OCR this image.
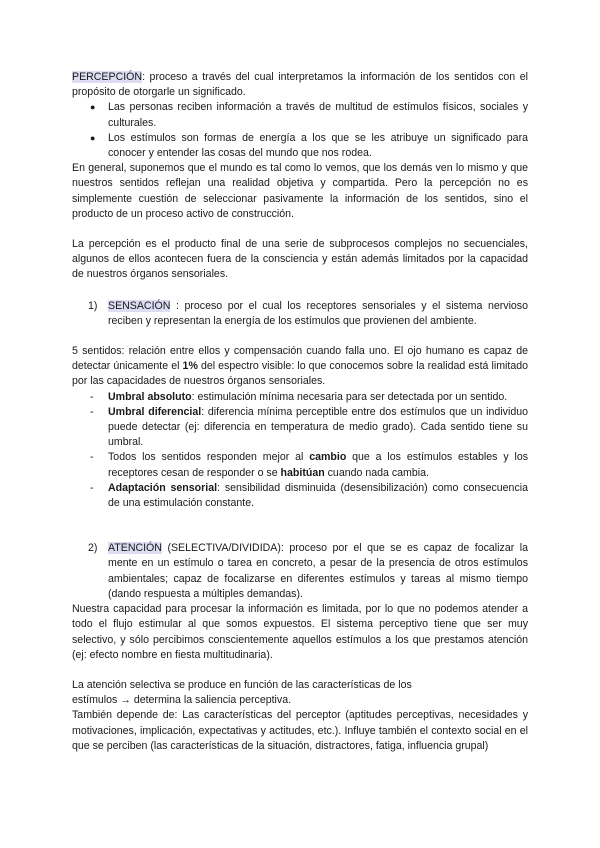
PERCEPCIÓN: proceso a través del cual interpretamos la información de los sentidos con el propósito de otorgarle un significado.

● Las personas reciben información a través de multitud de estímulos físicos, sociales y culturales.
● Los estímulos son formas de energía a los que se les atribuye un significado para conocer y entender las cosas del mundo que nos rodea.

En general, suponemos que el mundo es tal como lo vemos, que los demás ven lo mismo y que nuestros sentidos reflejan una realidad objetiva y compartida. Pero la percepción no es simplemente cuestión de seleccionar pasivamente la información de los sentidos, sino el producto de un proceso activo de construcción.

La percepción es el producto final de una serie de subprocesos complejos no secuenciales, algunos de ellos acontecen fuera de la consciencia y están además limitados por la capacidad de nuestros órganos sensoriales.

1) SENSACIÓN : proceso por el cual los receptores sensoriales y el sistema nervioso reciben y representan la energía de los estímulos que provienen del ambiente.

5 sentidos: relación entre ellos y compensación cuando falla uno. El ojo humano es capaz de detectar únicamente el 1% del espectro visible: lo que conocemos sobre la realidad está limitado por las capacidades de nuestros órganos sensoriales.

- Umbral absoluto: estimulación mínima necesaria para ser detectada por un sentido.
- Umbral diferencial: diferencia mínima perceptible entre dos estímulos que un individuo puede detectar (ej: diferencia en temperatura de medio grado). Cada sentido tiene su umbral.
- Todos los sentidos responden mejor al cambio que a los estímulos estables y los receptores cesan de responder o se habitúan cuando nada cambia.
- Adaptación sensorial: sensibilidad disminuida (desensibilización) como consecuencia de una estimulación constante.
2) ATENCIÓN (SELECTIVA/DIVIDIDA): proceso por el que se es capaz de focalizar la mente en un estímulo o tarea en concreto, a pesar de la presencia de otros estímulos ambientales; capaz de focalizarse en diferentes estímulos y tareas al mismo tiempo (dando respuesta a múltiples demandas).

Nuestra capacidad para procesar la información es limitada, por lo que no podemos atender a todo el flujo estimular al que somos expuestos. El sistema perceptivo tiene que ser muy selectivo, y sólo percibimos conscientemente aquellos estímulos a los que prestamos atención (ej: efecto nombre en fiesta multitudinaria).

La atención selectiva se produce en función de las características de los

estímulos → determina la saliencia perceptiva.

También depende de: Las características del perceptor (aptitudes perceptivas, necesidades y motivaciones, implicación, expectativas y actitudes, etc.). Influye también el contexto social en el que se perciben (las características de la situación, distractores, fatiga, influencia grupal)
